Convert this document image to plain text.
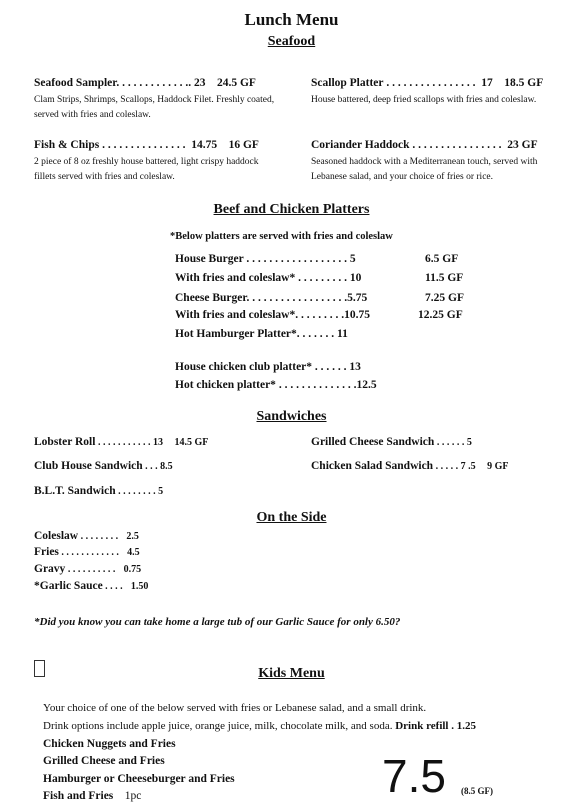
Lunch Menu
Seafood
Seafood Sampler. . . . . . . . . . . . .. 23 24.5 GF
Clam Strips, Shrimps, Scallops, Haddock Filet. Freshly coated, served with fries and coleslaw.
Scallop Platter . . . . . . . . . . . . . . . . 17 18.5 GF
House battered, deep fried scallops with fries and coleslaw.
Fish & Chips . . . . . . . . . . . . . . . 14.75 16 GF
2 piece of 8 oz freshly house battered, light crispy haddock fillets served with fries and coleslaw.
Coriander Haddock . . . . . . . . . . . . . . . . 23 GF
Seasoned haddock with a Mediterranean touch, served with Lebanese salad, and your choice of fries or rice.
Beef and Chicken Platters
*Below platters are served with fries and coleslaw
House Burger . . . . . . . . . . . . . . . . . . 5	6.5 GF
With fries and coleslaw* . . . . . . . . . 10	11.5 GF
Cheese Burger. . . . . . . . . . . . . . . . . .5.75	7.25 GF
With fries and coleslaw*. . . . . . . . .10.75	12.25 GF
Hot Hamburger Platter*. . . . . . . 11
House chicken club platter* . . . . . . 13
Hot chicken platter* . . . . . . . . . . . . . .12.5
Sandwiches
Lobster Roll . . . . . . . . . . . 13 14.5 GF	Grilled Cheese Sandwich . . . . . . 5
Club House Sandwich . . . 8.5	Chicken Salad Sandwich . . . . . 7 .5 9 GF
B.L.T. Sandwich . . . . . . . . 5
On the Side
Coleslaw . . . . . . . .   2.5
Fries . . . . . . . . . . . .   4.5
Gravy . . . . . . . . . .   0.75
*Garlic Sauce . . . .   1.50
*Did you know you can take home a large tub of our Garlic Sauce for only 6.50?
Kids Menu
Your choice of one of the below served with fries or Lebanese salad, and a small drink.
Drink options include apple juice, orange juice, milk, chocolate milk, and soda. Drink refill . 1.25
Chicken Nuggets and Fries
Grilled Cheese and Fries
Hamburger or Cheeseburger and Fries
Fish and Fries 1pc	7.5 (8.5 GF)
